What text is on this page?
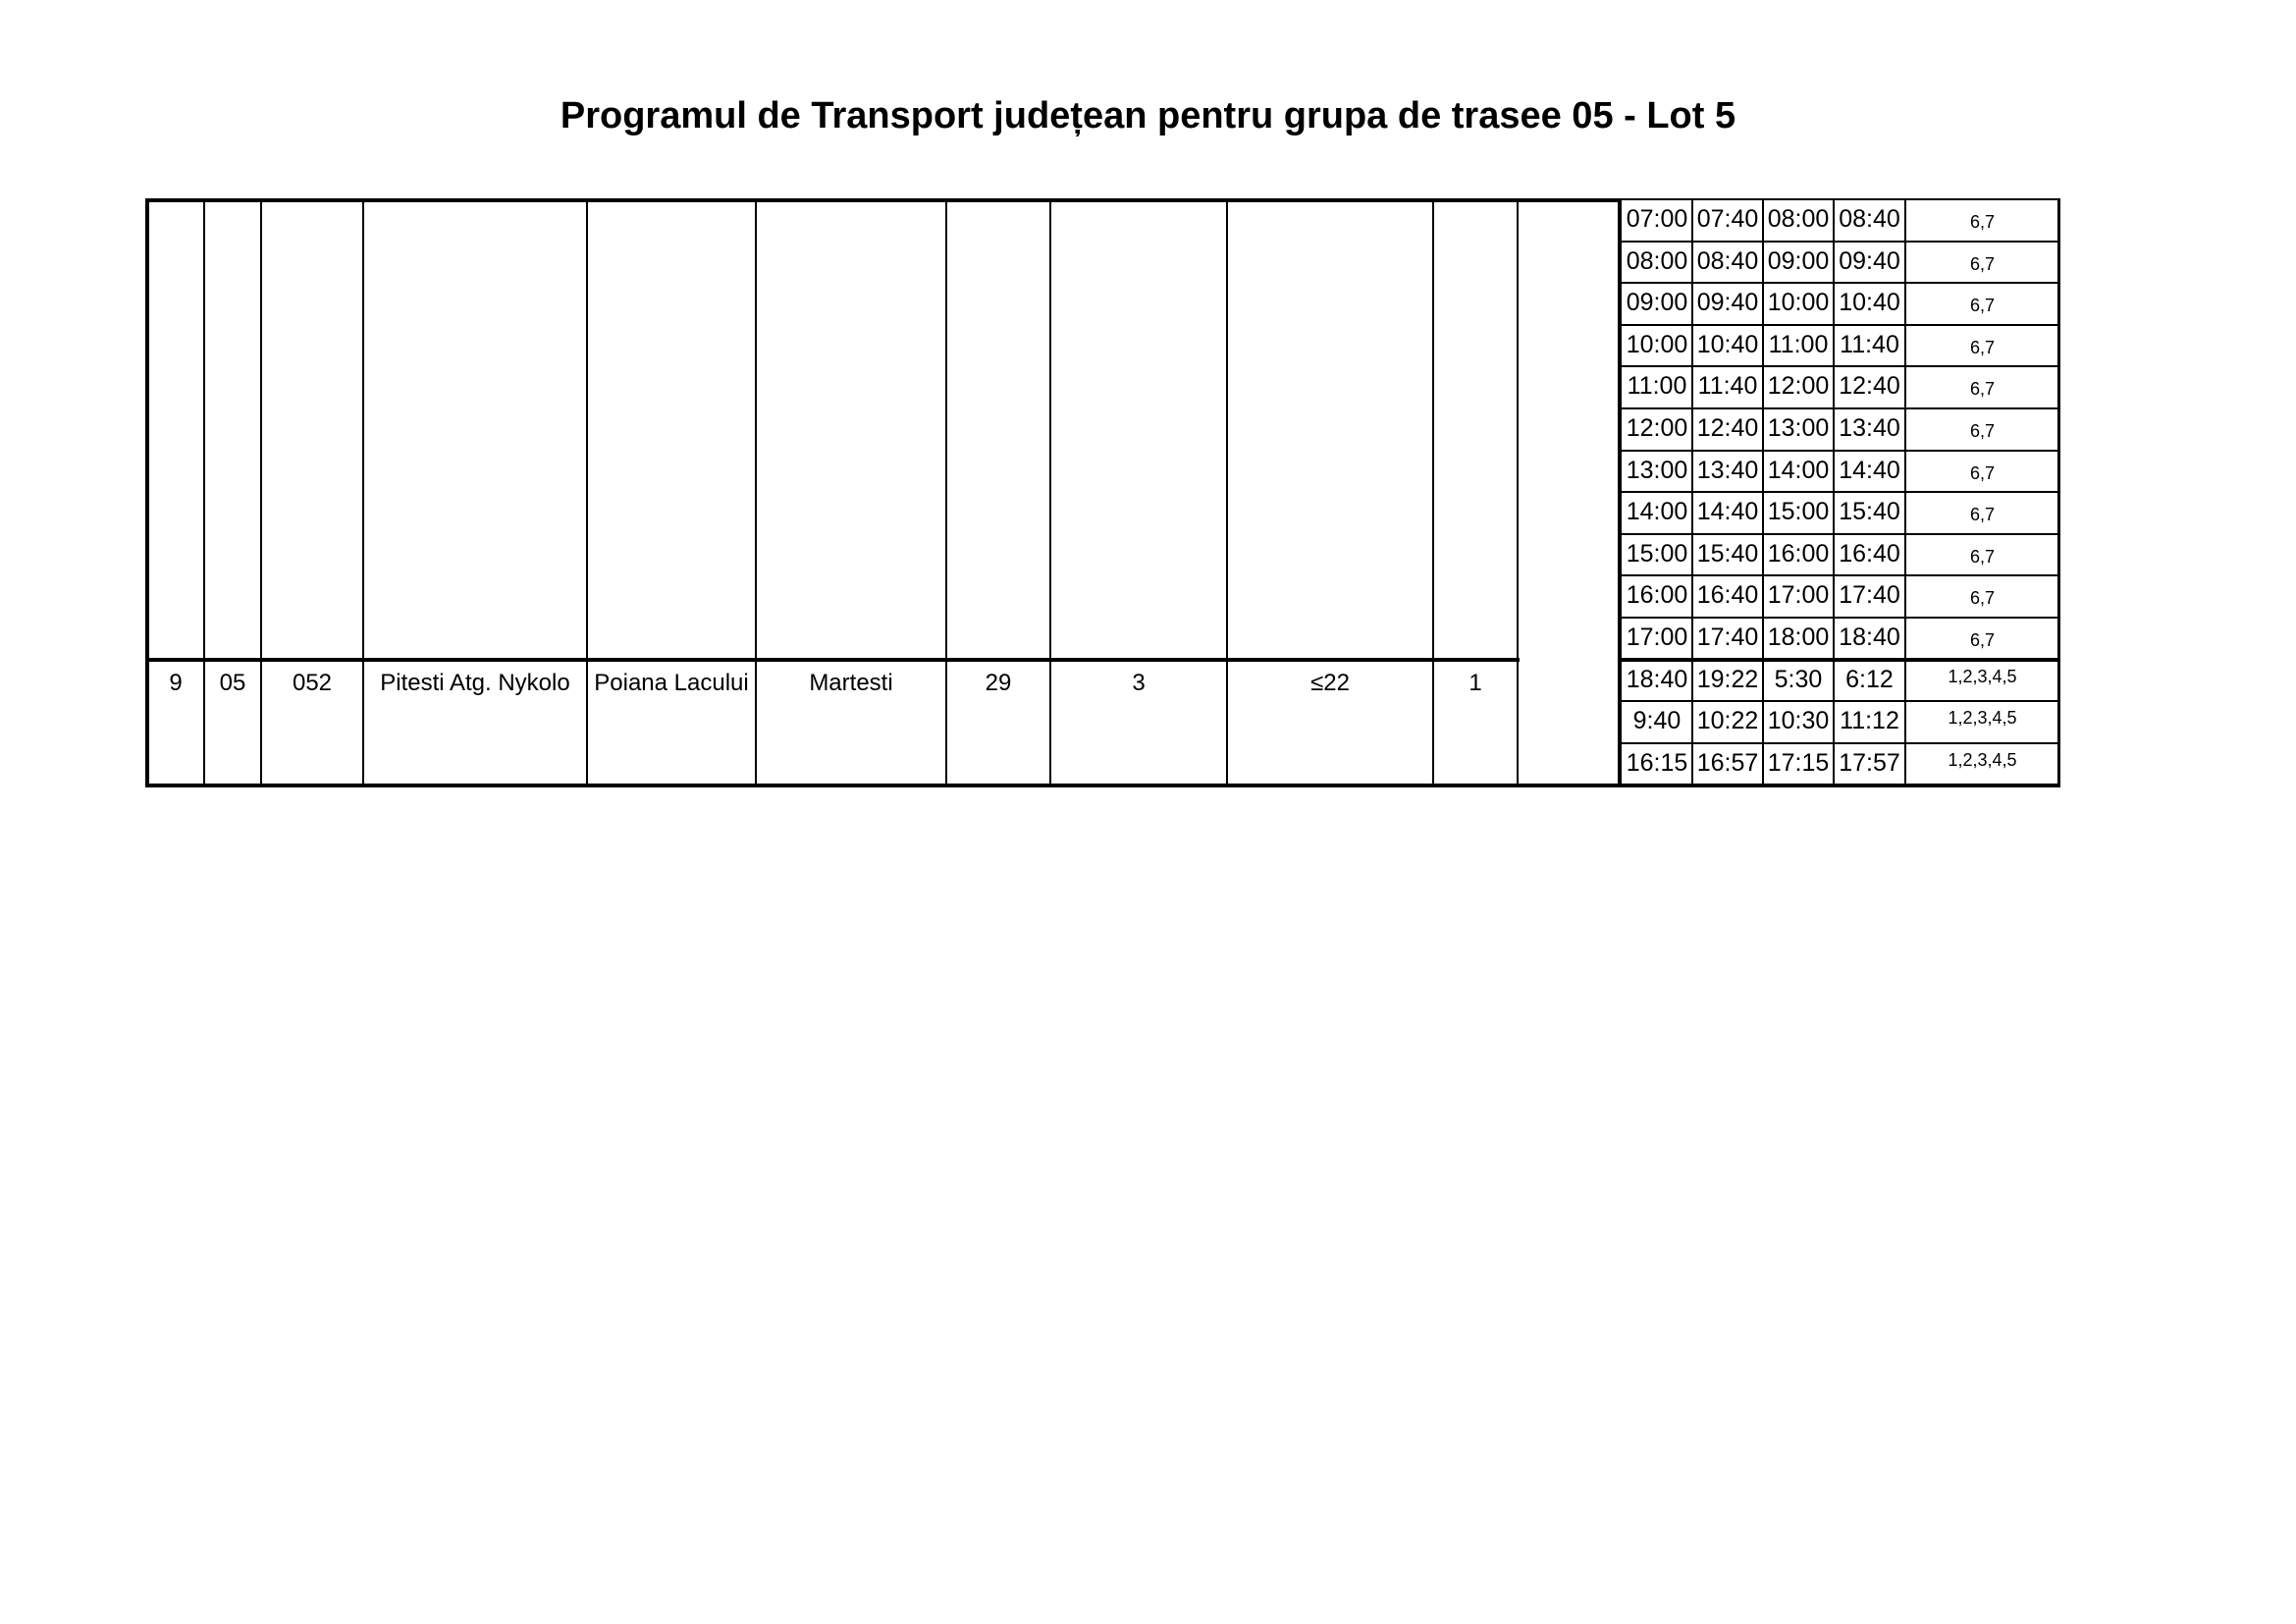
Programul de Transport județean pentru grupa de trasee 05 - Lot 5
9	05	052	Pitesti Atg. Nykolo	Poiana Lacului	Martesti	29	3	≤22	1
07:00 07:40 08:00 08:40	6,7
08:00 08:40 09:00 09:40	6,7
09:00 09:40 10:00 10:40	6,7
10:00 10:40 11:00 11:40	6,7
11:00 11:40 12:00 12:40	6,7
12:00 12:40 13:00 13:40	6,7
13:00 13:40 14:00 14:40	6,7
14:00 14:40 15:00 15:40	6,7
15:00 15:40 16:00 16:40	6,7
16:00 16:40 17:00 17:40	6,7
17:00 17:40 18:00 18:40	6,7
18:40 19:22 5:30 6:12	1,2,3,4,5
9:40 10:22 10:30 11:12	1,2,3,4,5
16:15 16:57 17:15 17:57	1,2,3,4,5
